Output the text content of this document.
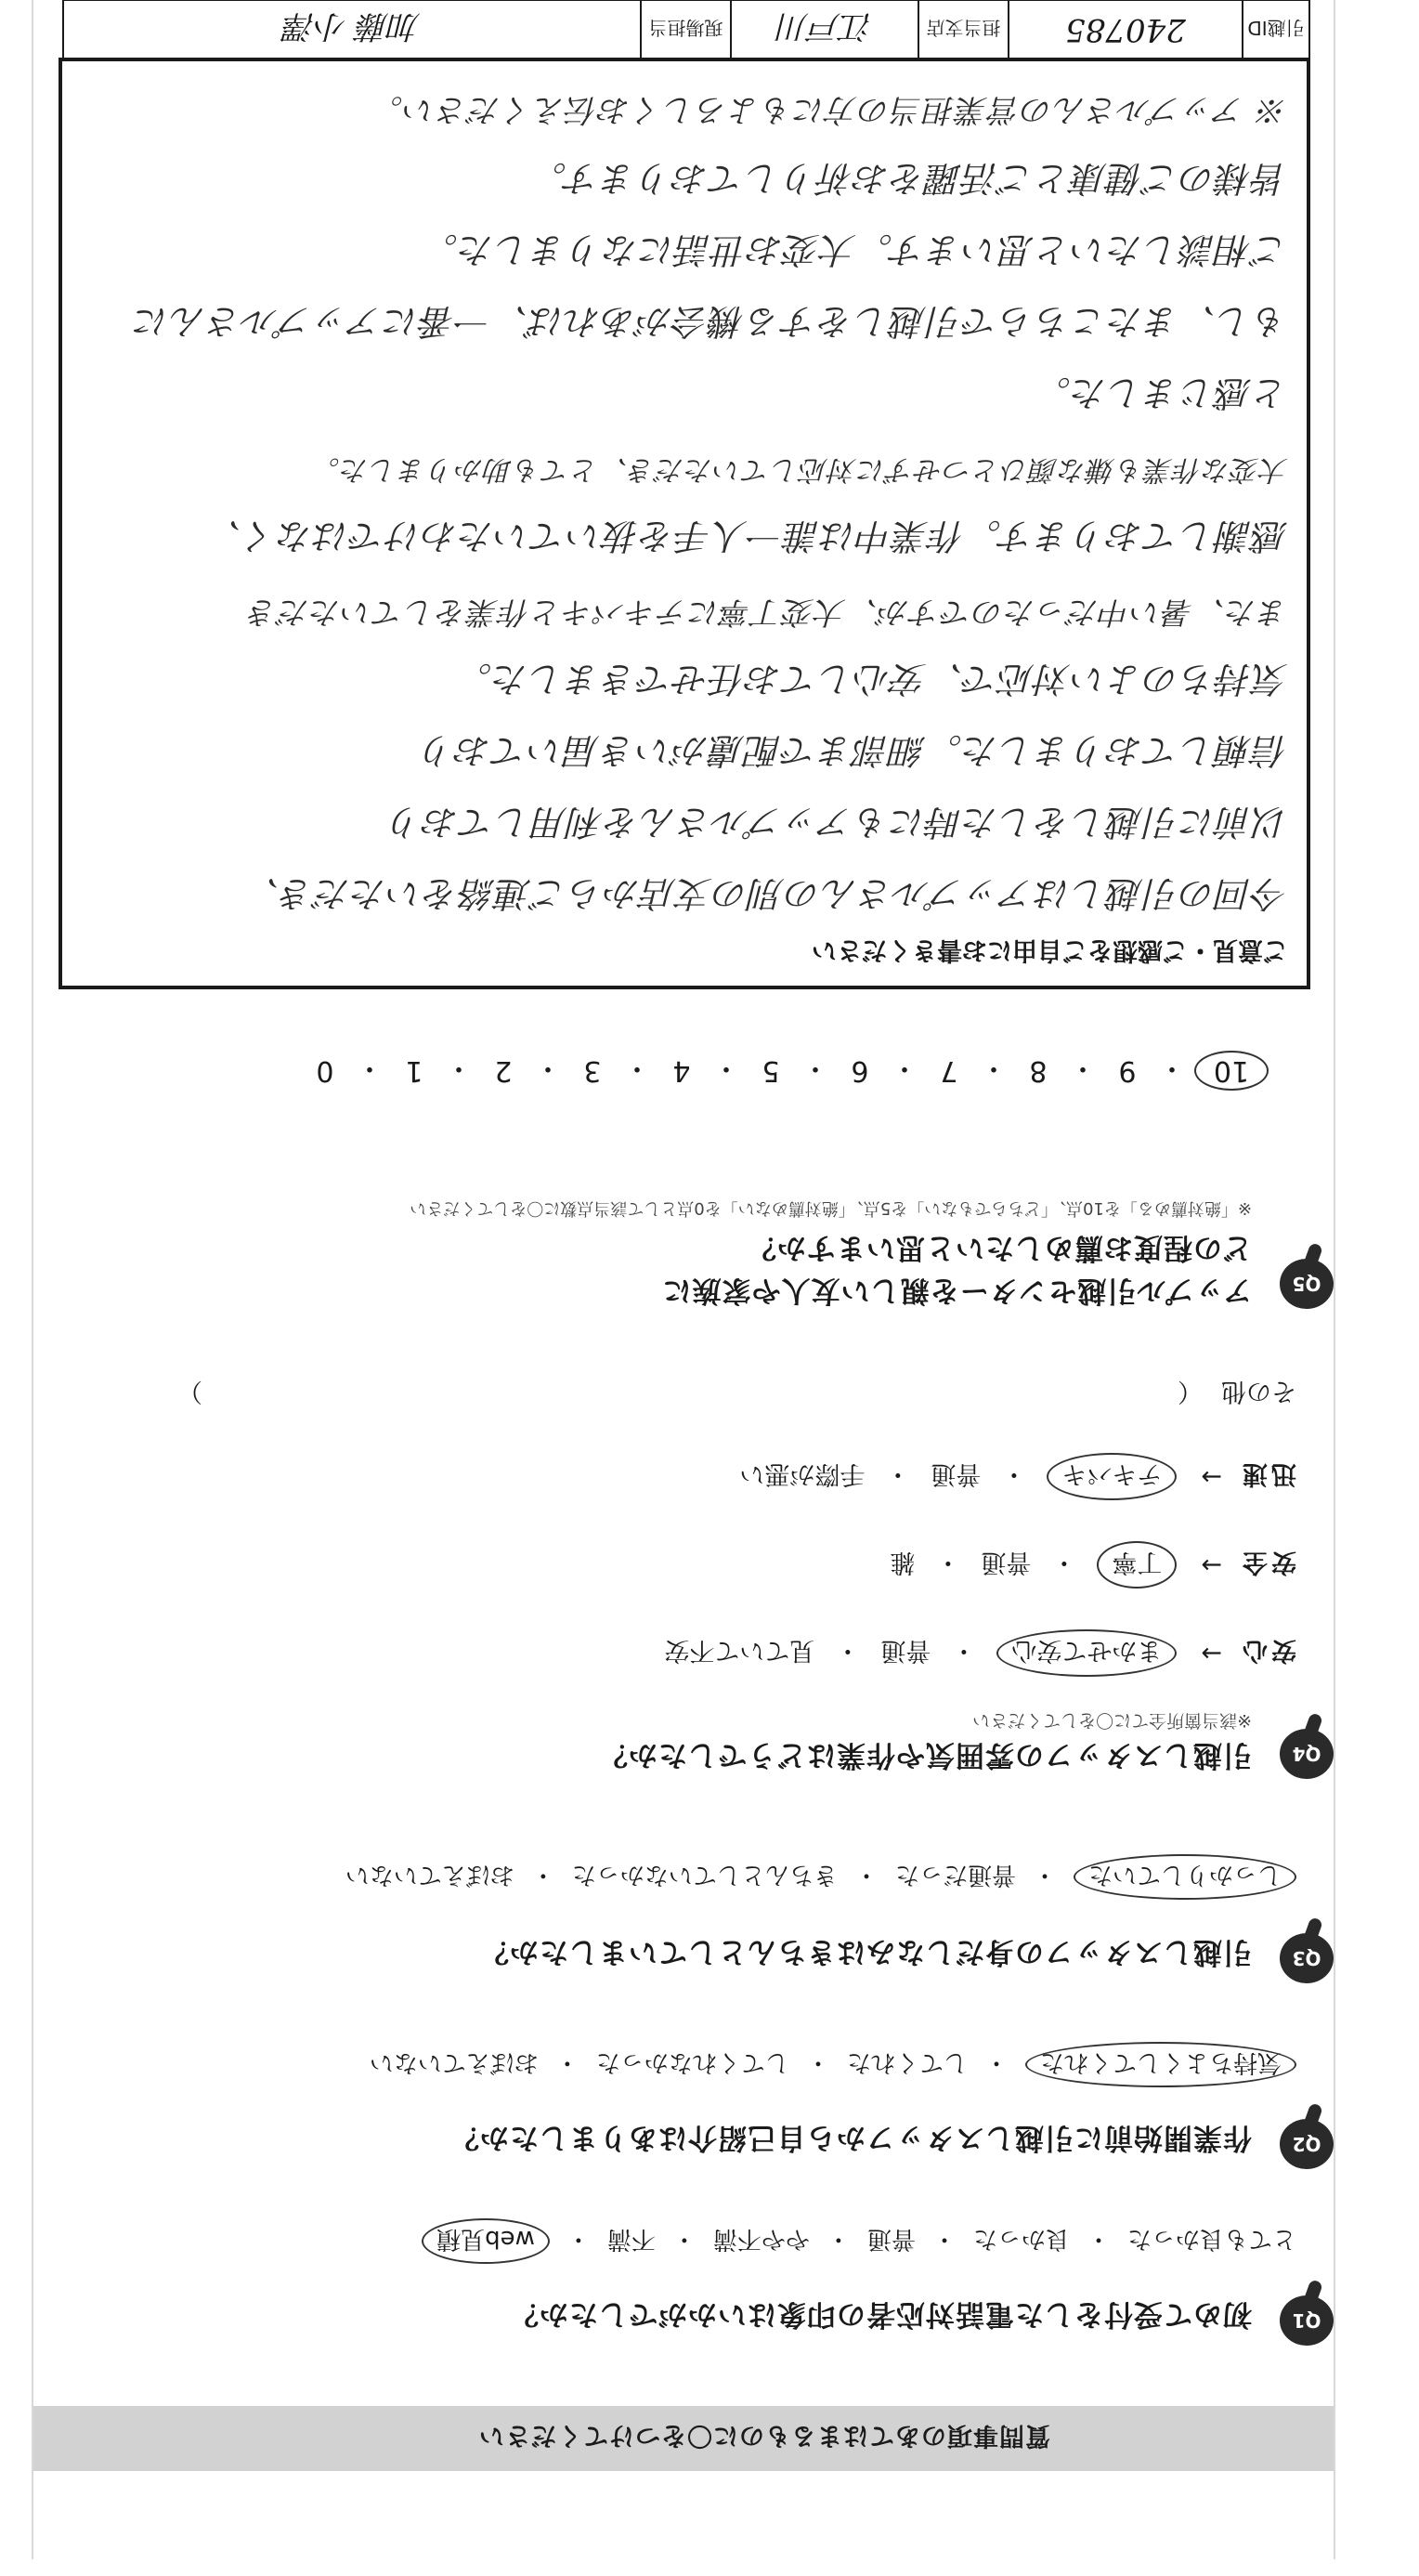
質問事項のあてはまるものに〇をつけてください
Q1
初めて受付をした電話対応者の印象はいかがでしたか？
とても良かった
・
良かった
・
普通
・
やや不満
・
不満
・
web見積
Q2
作業開始前に引越しスタッフから自己紹介はありましたか？
気持ちよくしてくれた
・
してくれた
・
してくれなかった
・
おぼえていない
Q3
引越しスタッフの身だしなみはきちんとしていましたか？
しっかりしていた
・
普通だった
・
きちんとしていなかった
・
おぼえていない
Q4
引越しスタッフの雰囲気や作業はどうでしたか？
※該当箇所全てに〇をしてください
安心
→
まかせて安心
・
普通
・
見ていて不安
安全
→
丁寧
・
普通
・
雑
迅速
→
テキパキ
・
普通
・
手際が悪い
その他
（
）
Q5
アップル引越センターを親しい友人や家族に
どの程度お薦めしたいと思いますか？
※「絶対薦める」を10点、「どちらでもない」を5点、「絶対薦めない」を0点として該当点数に〇をしてください
10
・
9
・
8
・
7
・
6
・
5
・
4
・
3
・
2
・
1
・
0
ご意見・ご感想をご自由にお書きください
今回の引越しはアップルさんの別の支店からご連絡をいただき、
以前に引越しをした時にもアップルさんを利用しており
信頼しておりました。細部まで配慮がいき届いており
気持ちのよい対応で、安心してお任せできました。
また、暑い中だったのですが、大変丁寧にテキパキと作業をしていただき
感謝しております。作業中は誰一人手を抜いていたわけではなく、
大変な作業も嫌な顔ひとつせずに対応していただき、とても助かりました。
と感じました。
もし、またこちらで引越しをする機会があれば、一番にアップルさんに
ご相談したいと思います。大変お世話になりました。
皆様のご健康とご活躍をお祈りしております。
※ アップルさんの営業担当の方にもよろしくお伝えください。
引越ID
240785
担当支店
江戸川
現場担当
加藤 小澤
